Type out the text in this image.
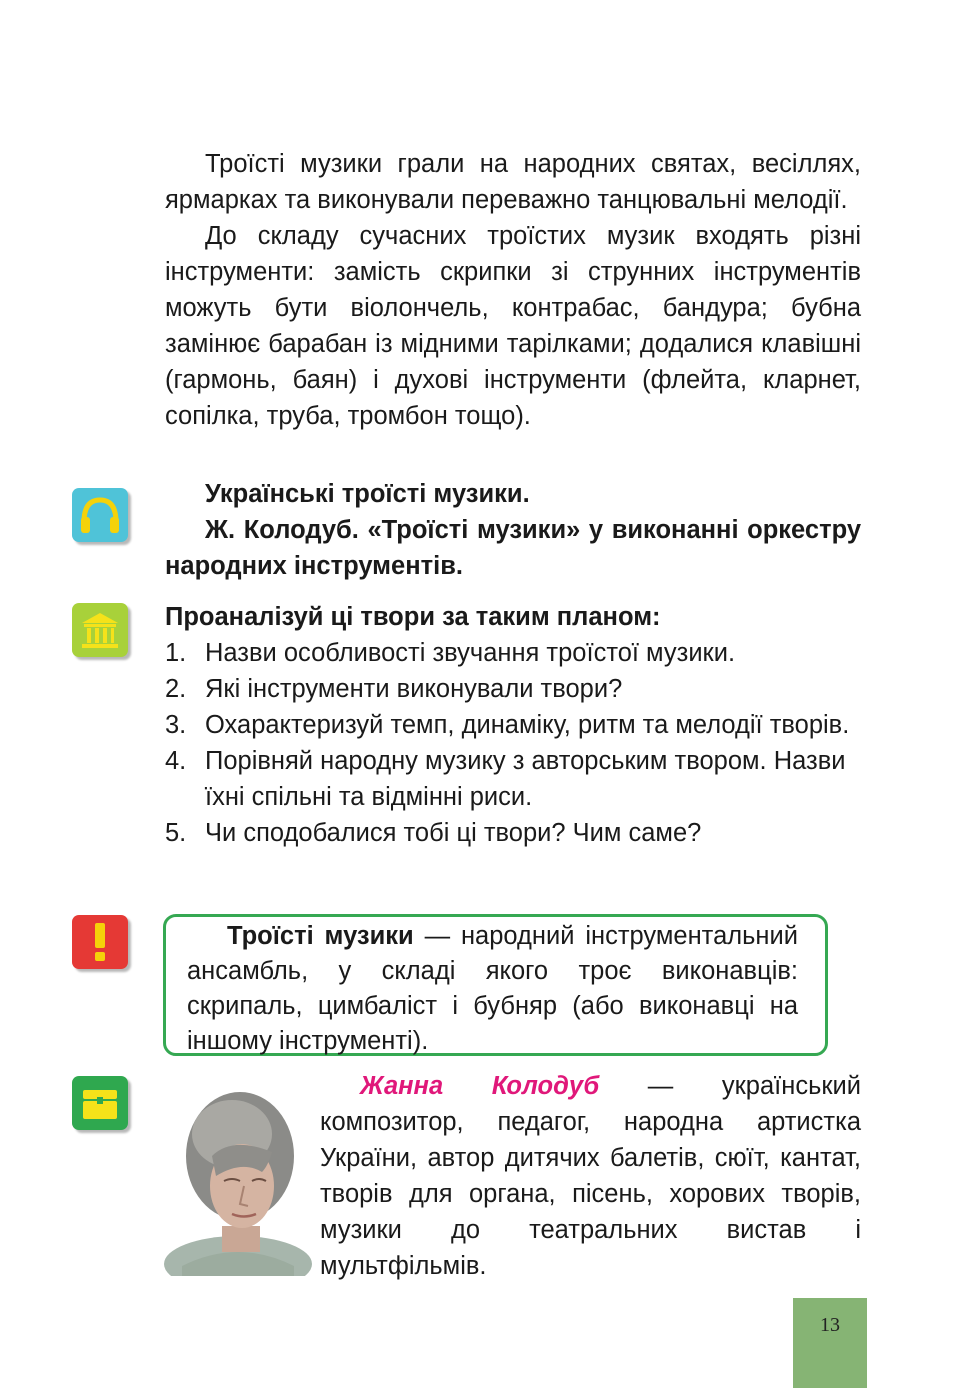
Троїсті музики грали на народних святах, весіллях, ярмарках та виконували переважно танцювальні мелодії.

До складу сучасних троїстих музик входять різні інструменти: замість скрипки зі струнних інструментів можуть бути віолончель, контрабас, бандура; бубна замінює барабан із мідними тарілками; додалися клавішні (гармонь, баян) і духові інструменти (флейта, кларнет, сопілка, труба, тромбон тощо).

Українські троїсті музики.

Ж. Колодуб. «Троїсті музики» у виконанні оркестру народних інструментів.

Проаналізуй ці твори за таким планом:
1. Назви особливості звучання троїстої музики.
2. Які інструменти виконували твори?
3. Охарактеризуй темп, динаміку, ритм та мелодії творів.
4. Порівняй народну музику з авторським твором. Назви їхні спільні та відмінні риси.
5. Чи сподобалися тобі ці твори? Чим саме?

Троїсті музики — народний інструментальний ансамбль, у складі якого троє виконавців: скрипаль, цимбаліст і бубняр (або виконавці на іншому інструменті).

Жанна Колодуб — український композитор, педагог, народна артистка України, автор дитячих балетів, сюїт, кантат, творів для органа, пісень, хорових творів, музики до театральних вистав і мультфільмів.

13
